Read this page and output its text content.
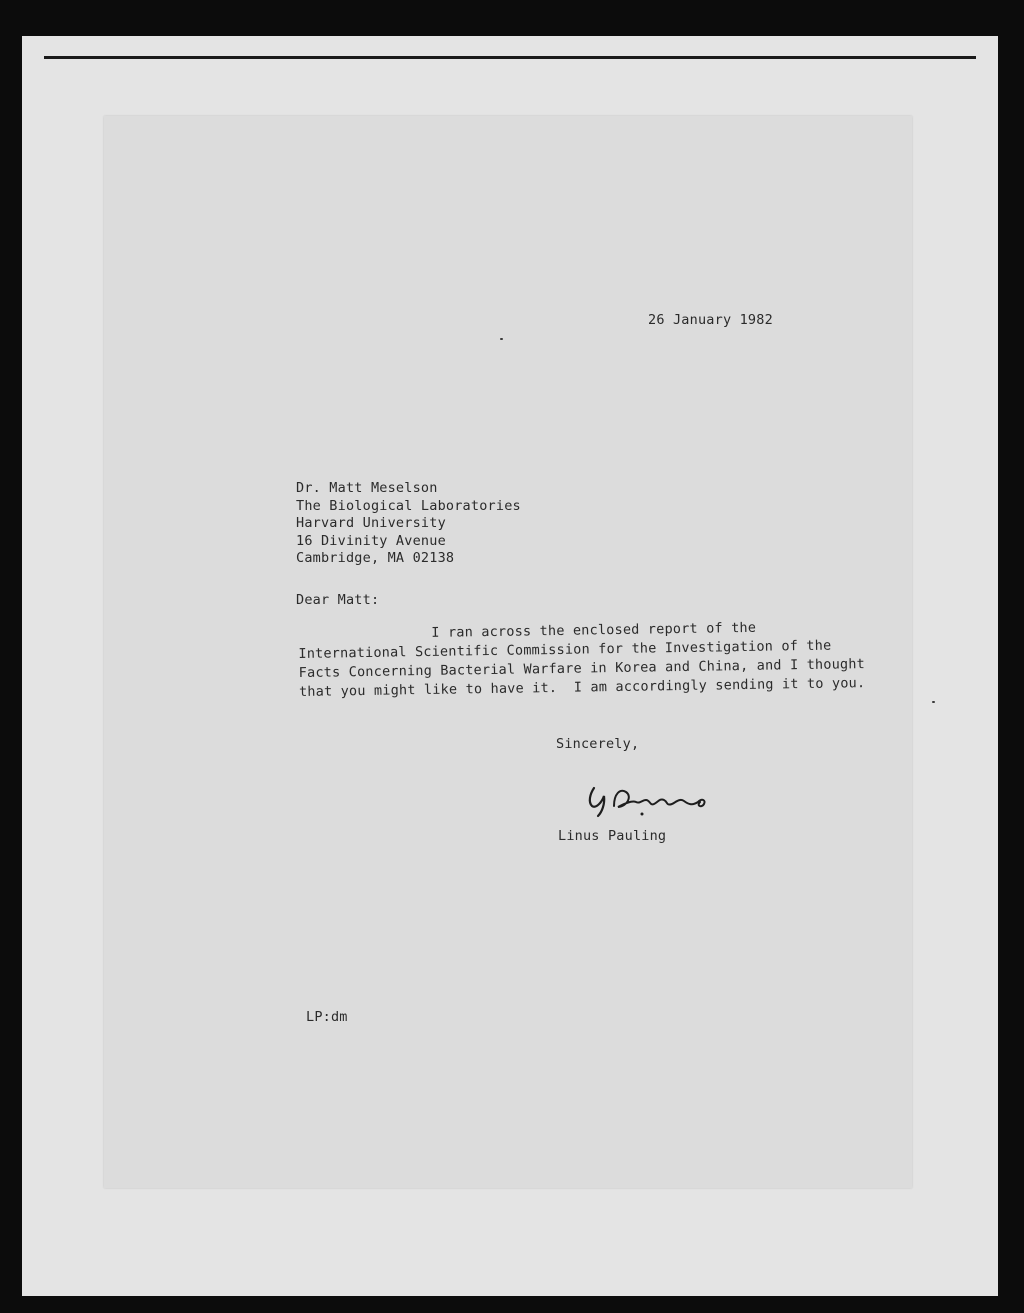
26 January 1982
Dr. Matt Meselson
The Biological Laboratories
Harvard University
16 Divinity Avenue
Cambridge, MA 02138
Dear Matt:
I ran across the enclosed report of the
International Scientific Commission for the Investigation of the
Facts Concerning Bacterial Warfare in Korea and China, and I thought
that you might like to have it.  I am accordingly sending it to you.
Sincerely,
Linus Pauling
LP:dm
